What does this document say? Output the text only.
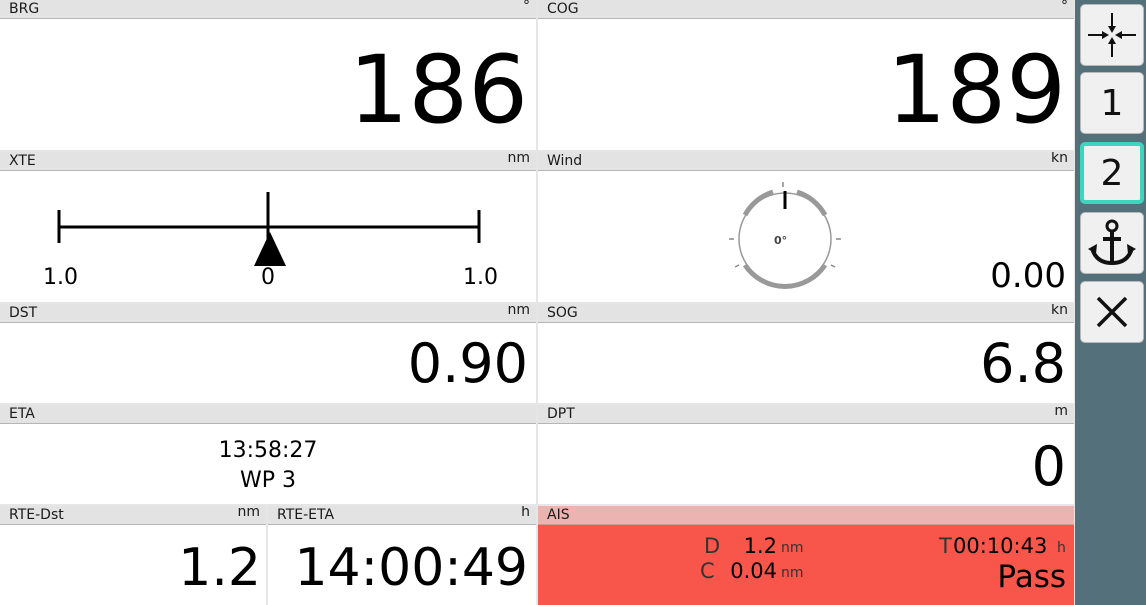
BRG	°
186
COG	°
189
XTE	nm
1.0	0	1.0
Wind	kn
0°
0.00
DST	nm
0.90
SOG	kn
6.8
ETA
13:58:27
WP 3
DPT	m
0
RTE-Dst	nm
1.2
RTE-ETA	h
14:00:49
AIS
D	1.2 nm
C 0.04 nm
T 00:10:43 h
Pass
1
2
